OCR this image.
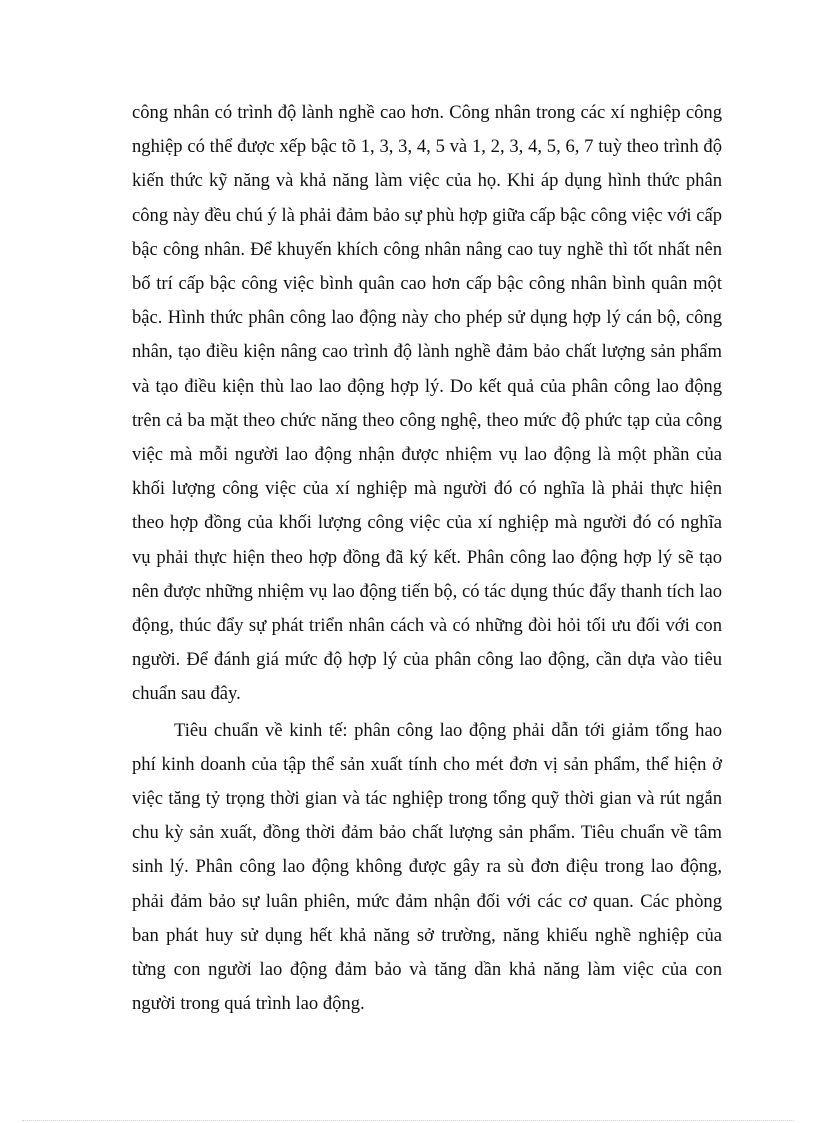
công nhân có trình độ lành nghề cao hơn. Công nhân trong các xí nghiệp công nghiệp có thể được xếp bậc tõ 1, 3, 3, 4, 5 và 1, 2, 3, 4, 5, 6, 7 tuỳ theo trình độ kiến thức kỹ năng và khả năng làm việc của họ. Khi áp dụng hình thức phân công này đều chú ý là phải đảm bảo sự phù hợp giữa cấp bậc công việc với cấp bậc công nhân. Để khuyến khích công nhân nâng cao tuy nghề thì tốt nhất nên bố trí cấp bậc công việc bình quân cao hơn cấp bậc công nhân bình quân một bậc. Hình thức phân công lao động này cho phép sử dụng hợp lý cán bộ, công nhân, tạo điều kiện nâng cao trình độ lành nghề đảm bảo chất lượng sản phẩm và tạo điều kiện thù lao lao động hợp lý. Do kết quả của phân công lao động trên cả ba mặt theo chức năng theo công nghệ, theo mức độ phức tạp của công việc mà mỗi người lao động nhận được nhiệm vụ lao động là một phần của khối lượng công việc của xí nghiệp mà người đó có nghĩa là phải thực hiện theo hợp đồng của khối lượng công việc của xí nghiệp mà người đó có nghĩa vụ phải thực hiện theo hợp đồng đã ký kết. Phân công lao động hợp lý sẽ tạo nên được những nhiệm vụ lao động tiến bộ, có tác dụng thúc đẩy thanh tích lao động, thúc đẩy sự phát triển nhân cách và có những đòi hỏi tối ưu đối với con người. Để đánh giá mức độ hợp lý của phân công lao động, cần dựa vào tiêu chuẩn sau đây.

Tiêu chuẩn về kinh tế: phân công lao động phải dẫn tới giảm tổng hao phí kinh doanh của tập thể sản xuất tính cho mét đơn vị sản phẩm, thể hiện ở việc tăng tỷ trọng thời gian và tác nghiệp trong tổng quỹ thời gian và rút ngắn chu kỳ sản xuất, đồng thời đảm bảo chất lượng sản phẩm. Tiêu chuẩn về tâm sinh lý. Phân công lao động không được gây ra sù đơn điệu trong lao động, phải đảm bảo sự luân phiên, mức đảm nhận đối với các cơ quan. Các phòng ban phát huy sử dụng hết khả năng sở trường, năng khiếu nghề nghiệp của từng con người lao động đảm bảo và tăng dần khả năng làm việc của con người trong quá trình lao động.
